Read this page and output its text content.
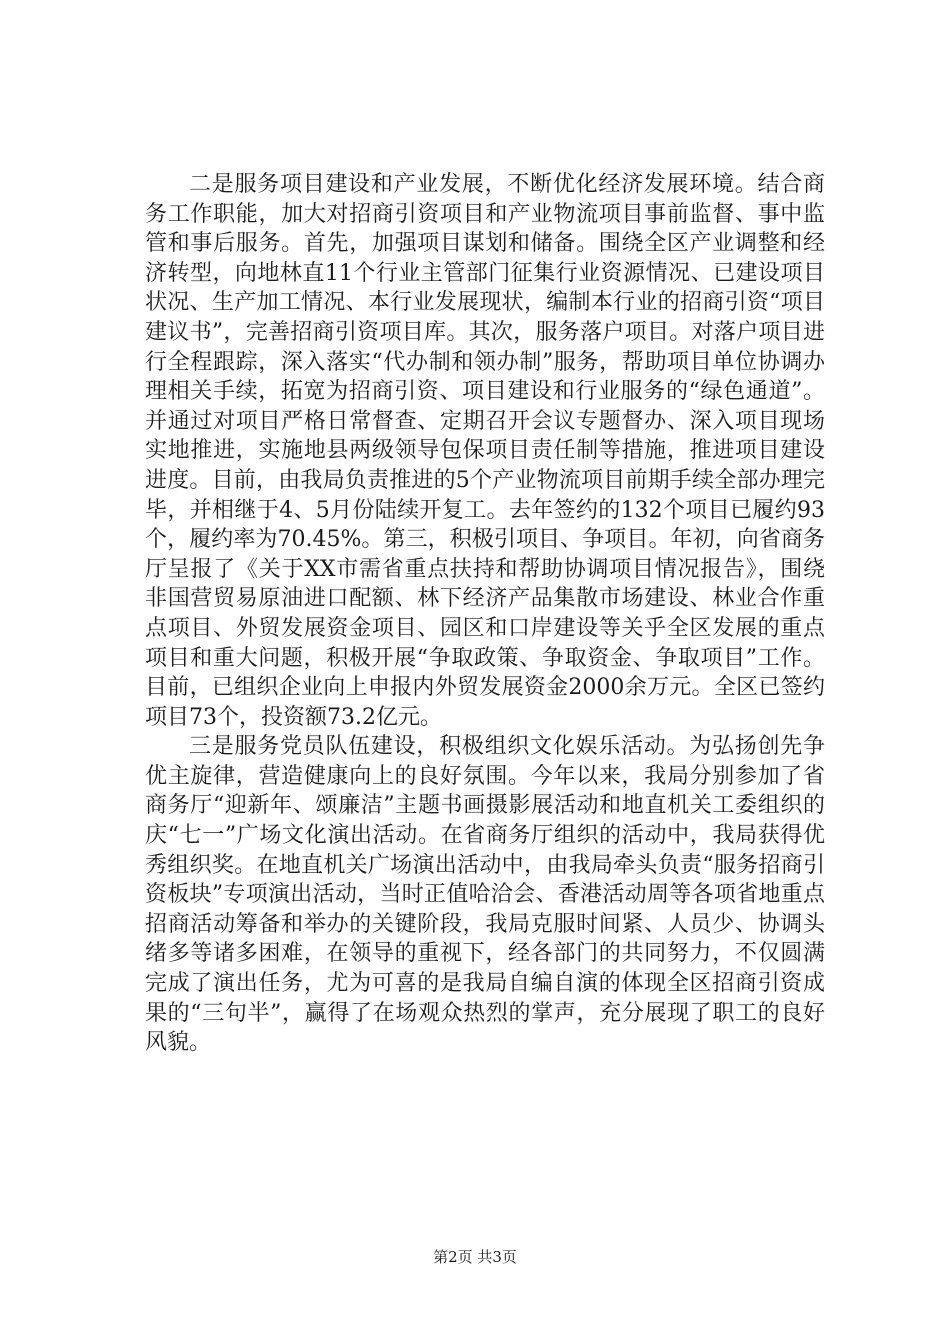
二是服务项目建设和产业发展，不断优化经济发展环境。结合商务工作职能，加大对招商引资项目和产业物流项目事前监督、事中监管和事后服务。首先，加强项目谋划和储备。围绕全区产业调整和经济转型，向地林直11个行业主管部门征集行业资源情况、已建设项目状况、生产加工情况、本行业发展现状，编制本行业的招商引资“项目建议书”，完善招商引资项目库。其次，服务落户项目。对落户项目进行全程跟踪，深入落实“代办制和领办制”服务，帮助项目单位协调办理相关手续，拓宽为招商引资、项目建设和行业服务的“绿色通道”。并通过对项目严格日常督查、定期召开会议专题督办、深入项目现场实地推进，实施地县两级领导包保项目责任制等措施，推进项目建设进度。目前，由我局负责推进的5个产业物流项目前期手续全部办理完毕，并相继于4、5月份陆续开复工。去年签约的132个项目已履约93个，履约率为70.45%。第三，积极引项目、争项目。年初，向省商务厅呈报了《关于XX市需省重点扶持和帮助协调项目情况报告》，围绕非国营贸易原油进口配额、林下经济产品集散市场建设、林业合作重点项目、外贸发展资金项目、园区和口岸建设等关乎全区发展的重点项目和重大问题，积极开展“争取政策、争取资金、争取项目”工作。目前，已组织企业向上申报内外贸发展资金2000余万元。全区已签约项目73个，投资额73.2亿元。

三是服务党员队伍建设，积极组织文化娱乐活动。为弘扬创先争优主旋律，营造健康向上的良好氛围。今年以来，我局分别参加了省商务厅“迎新年、颂廉洁”主题书画摄影展活动和地直机关工委组织的庆“七一”广场文化演出活动。在省商务厅组织的活动中，我局获得优秀组织奖。在地直机关广场演出活动中，由我局牵头负责“服务招商引资板块”专项演出活动，当时正值哈洽会、香港活动周等各项省地重点招商活动筹备和举办的关键阶段，我局克服时间紧、人员少、协调头绪多等诸多困难，在领导的重视下，经各部门的共同努力，不仅圆满完成了演出任务，尤为可喜的是我局自编自演的体现全区招商引资成果的“三句半”，赢得了在场观众热烈的掌声，充分展现了职工的良好风貌。

第2页 共3页
